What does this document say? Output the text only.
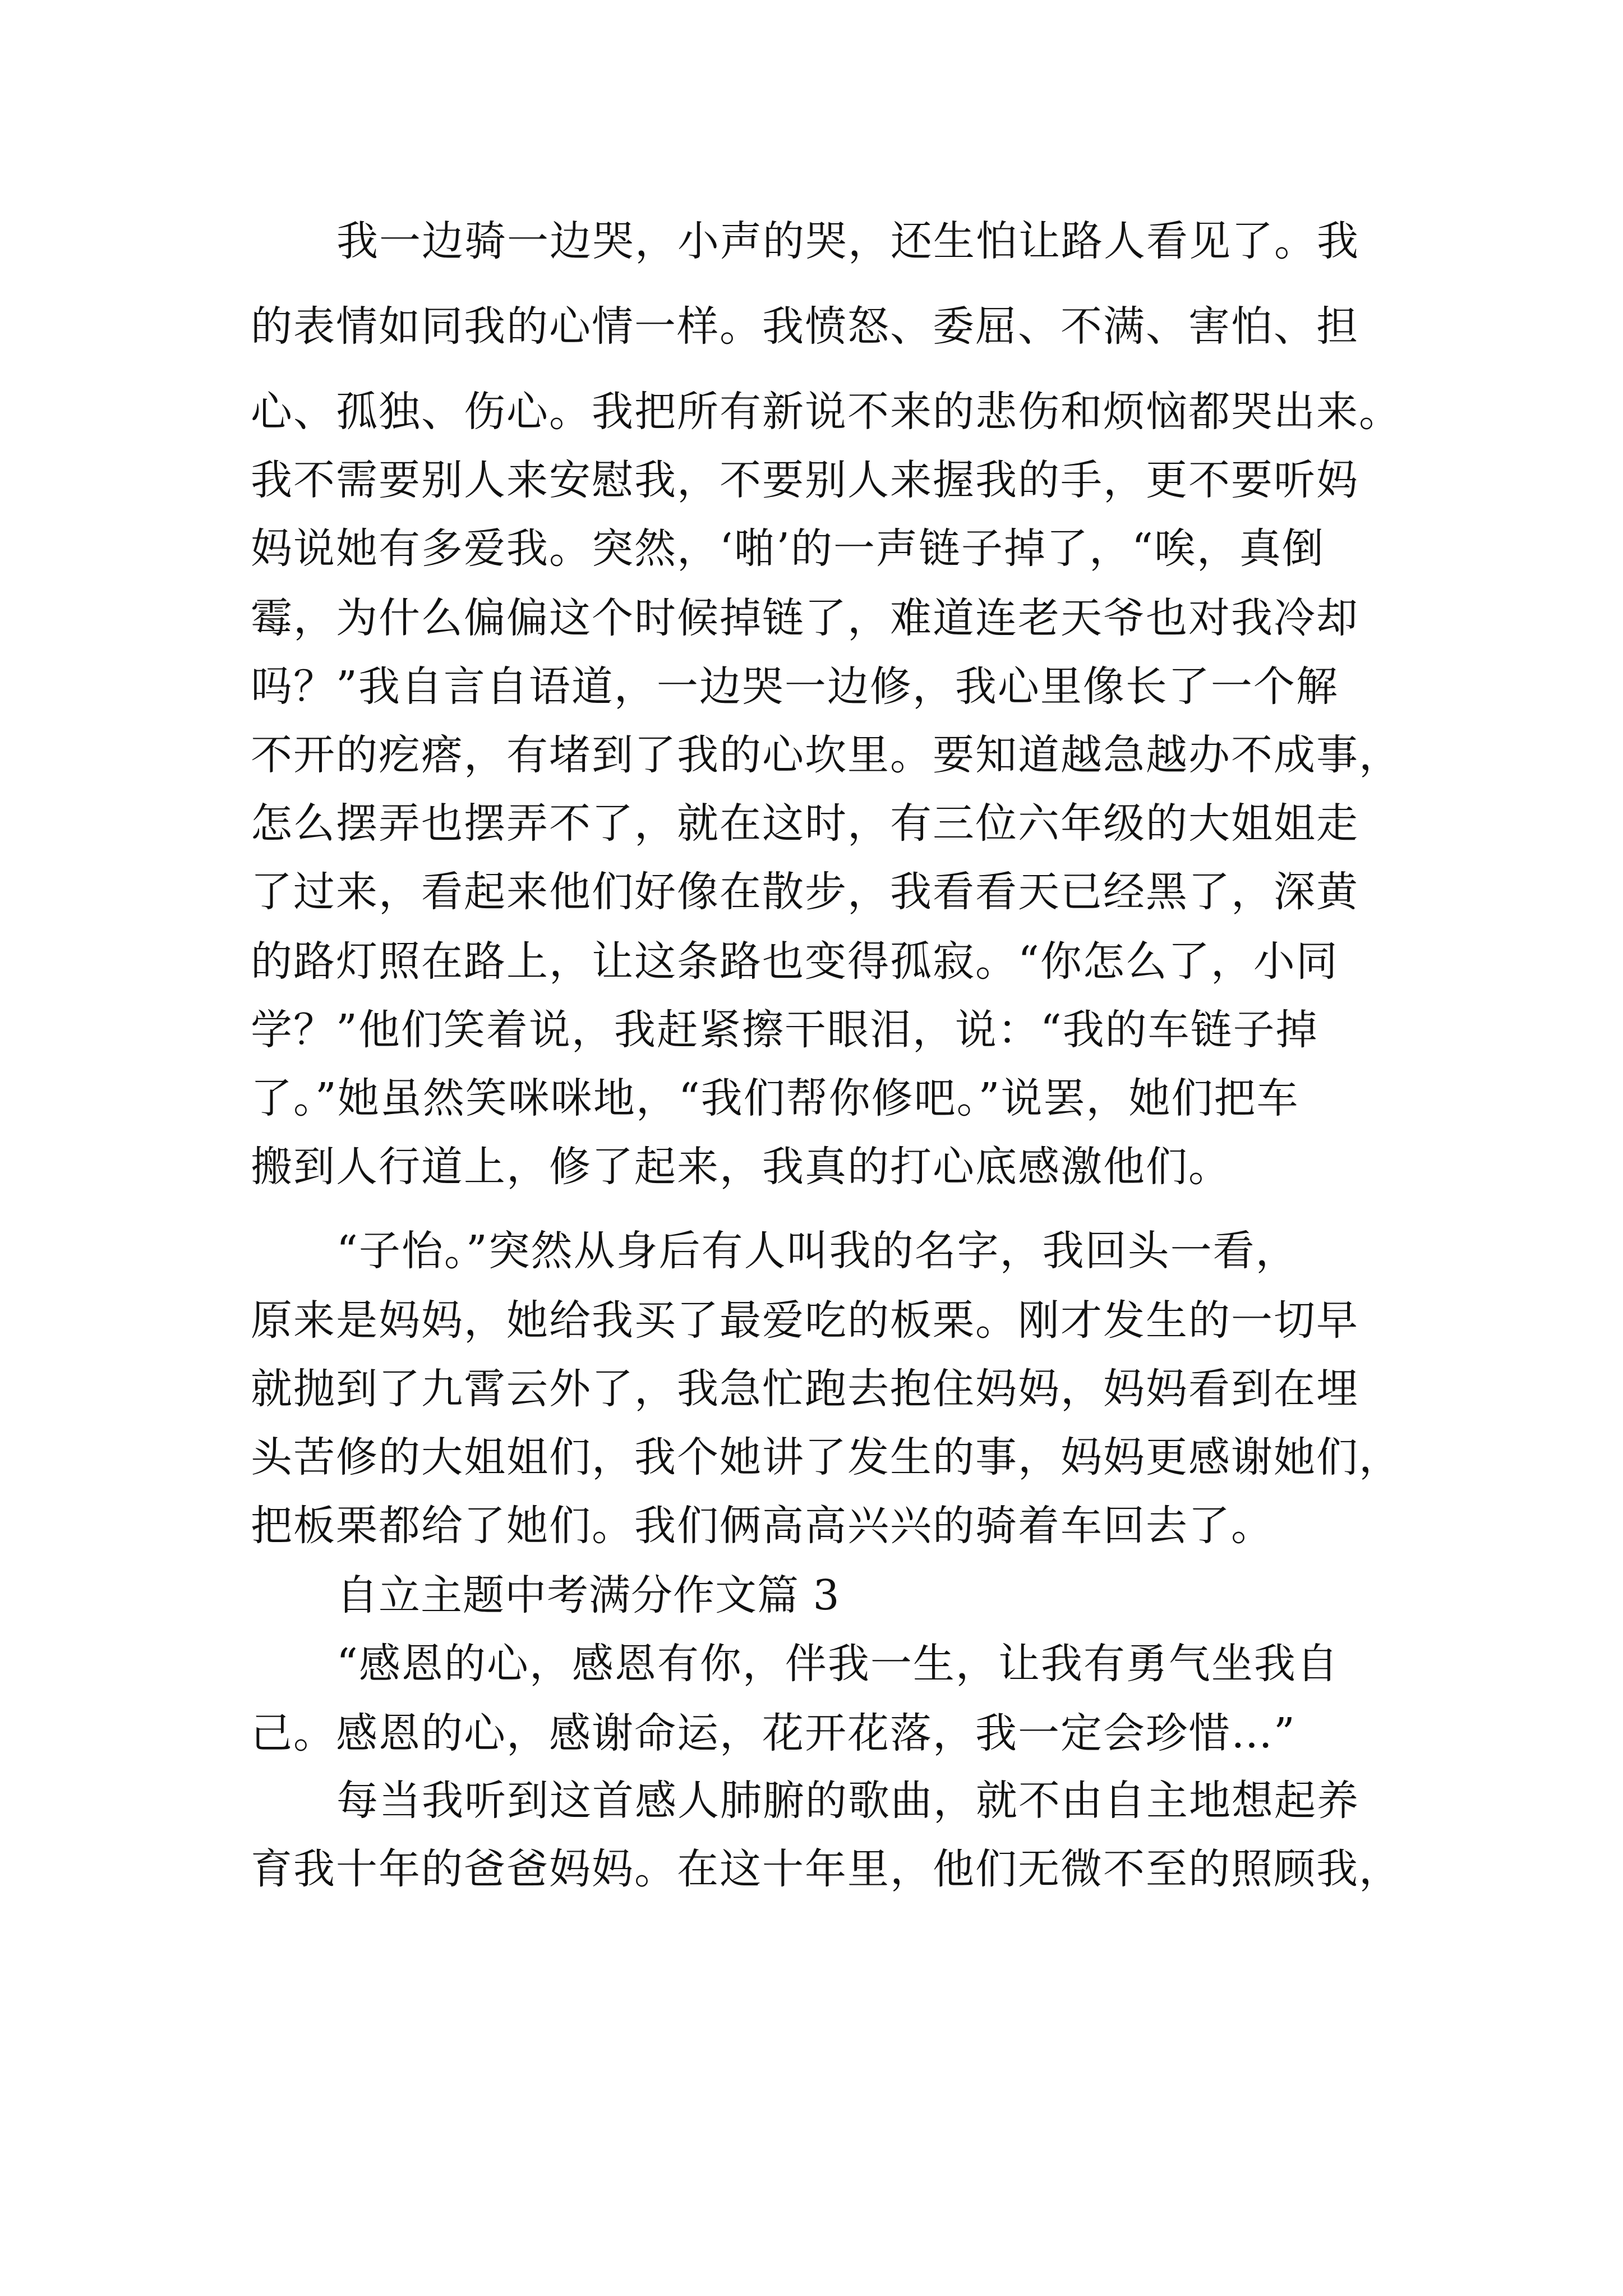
我一边骑一边哭，小声的哭，还生怕让路人看见了。我
的表情如同我的心情一样。我愤怒、委屈、不满、害怕、担
心、孤独、伤心。我把所有新说不来的悲伤和烦恼都哭出来。
我不需要别人来安慰我，不要别人来握我的手，更不要听妈
妈说她有多爱我。突然，‘啪’的一声链子掉了，“唉，真倒
霉，为什么偏偏这个时候掉链了，难道连老天爷也对我冷却
吗？”我自言自语道，一边哭一边修，我心里像长了一个解
不开的疙瘩，有堵到了我的心坎里。要知道越急越办不成事，
怎么摆弄也摆弄不了，就在这时，有三位六年级的大姐姐走
了过来，看起来他们好像在散步，我看看天已经黑了，深黄
的路灯照在路上，让这条路也变得孤寂。“你怎么了，小同
学？”他们笑着说，我赶紧擦干眼泪，说：“我的车链子掉
了。”她虽然笑咪咪地，“我们帮你修吧。”说罢，她们把车
搬到人行道上，修了起来，我真的打心底感激他们。
“子怡。”突然从身后有人叫我的名字，我回头一看，
原来是妈妈，她给我买了最爱吃的板栗。刚才发生的一切早
就抛到了九霄云外了，我急忙跑去抱住妈妈，妈妈看到在埋
头苦修的大姐姐们，我个她讲了发生的事，妈妈更感谢她们，
把板栗都给了她们。我们俩高高兴兴的骑着车回去了。
自立主题中考满分作文篇 3
“感恩的心，感恩有你，伴我一生，让我有勇气坐我自
己。感恩的心，感谢命运，花开花落，我一定会珍惜…”
每当我听到这首感人肺腑的歌曲，就不由自主地想起养
育我十年的爸爸妈妈。在这十年里，他们无微不至的照顾我，
